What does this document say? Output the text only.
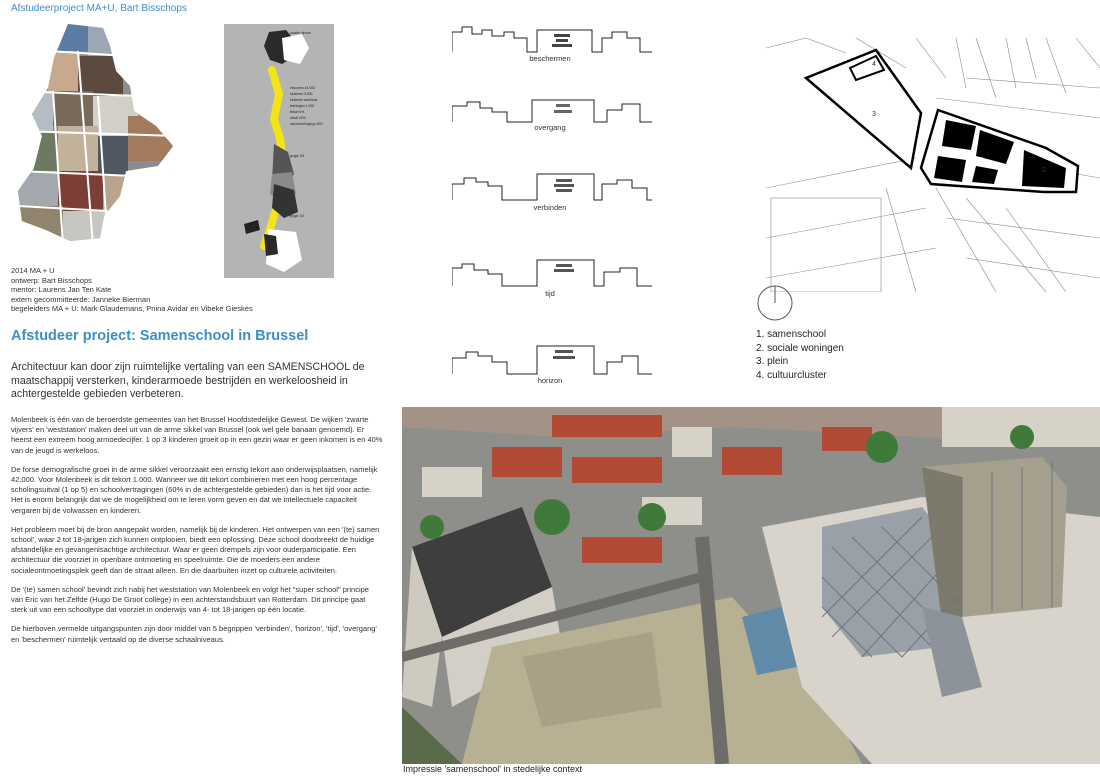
Afstudeerproject MA+U, Bart Bisschops
zwarte vijvers
inwoners 44.000
kinderen 3.900
kinderen werkloos
leerlingen 1.000
tekort 6%
uitval 20%
schoolvertraging 40%
jeugd 1/5
jeugd 1/3
2014 MA + U
ontwerp: Bart Bisschops
mentor: Laurens Jan Ten Kate
extern gecommitteerde: Janneke Bierman
begeleiders MA + U: Mark Glaudemans, Pnina Avidar en Vibeke Gieskes
Afstudeer project: Samenschool in Brussel
Architectuur kan door zijn ruimtelijke vertaling van een SAMENSCHOOL de maatschappij versterken, kinderarmoede bestrijden en werkeloosheid in achtergestelde gebieden verbeteren.

Molenbeek is één van de beroerdste gemeentes van het Brussel Hoofdstedelijke Gewest. De wijken 'zwarte vijvers' en 'weststation' maken deel uit van de arme sikkel van Brussel (ook wel gele banaan genoemd). Er heerst een extreem hoog armoedecijfer. 1 op 3 kinderen groeit op in een gezin waar er geen inkomen is en 40% van de jeugd is werkeloos.

De forse demografische groei in de arme sikkel veroorzaakt een ernstig tekort aan onderwijsplaatsen, namelijk 42.000. Voor Molenbeek is dit tekort 1.000. Wanneer we dit tekort combineren met een hoog percentage scholingsuitval (1 op 5) en schoolvertragingen (60% in de achtergestelde gebieden) dan is het tijd voor actie. Het is enorm belangrijk dat we de mogelijkheid om te leren vorm geven en dat we intellectuele capaciteit vergaren bij de volwassen en kinderen.

Het probleem moet bij de bron aangepakt worden, namelijk bij de kinderen. Het ontwerpen van een '(te) samen school', waar 2 tot 18-jarigen zich kunnen ontplooien, biedt een oplossing. Deze school doorbreekt de huidige afstandelijke en gevangenisachtige architectuur. Waar er geen drempels zijn voor ouderparticipatie. Een architectuur die voorziet in openbare ontmoeting en speelruimte. Die de moeders een andere socialeontmoetingsplek geeft dan de straat alleen. En die daarbuiten inzet op culturele activiteiten.

De '(te) samen school' bevindt zich nabij het weststation van Molenbeek en volgt het "super school" principe van Eric van het Zelfde (Hugo De Groot college) in een achterstandsbuurt van Rotterdam. Dit principe gaat sterk uit van een schooltype dat voorziet in onderwijs van 4- tot 18-jarigen op één locatie.

De hierboven vermelde uitgangspunten zijn door middel van 5 begrippen 'verbinden', 'horizon', 'tijd', 'overgang' en 'beschermen' ruimtelijk vertaald op de diverse schaalniveaus.

beschermen
overgang
verbinden
tijd
horizon
4
3
1
2
1. samenschool
2. sociale woningen
3. plein
4. cultuurcluster
Impressie 'samenschool' in stedelijke context
